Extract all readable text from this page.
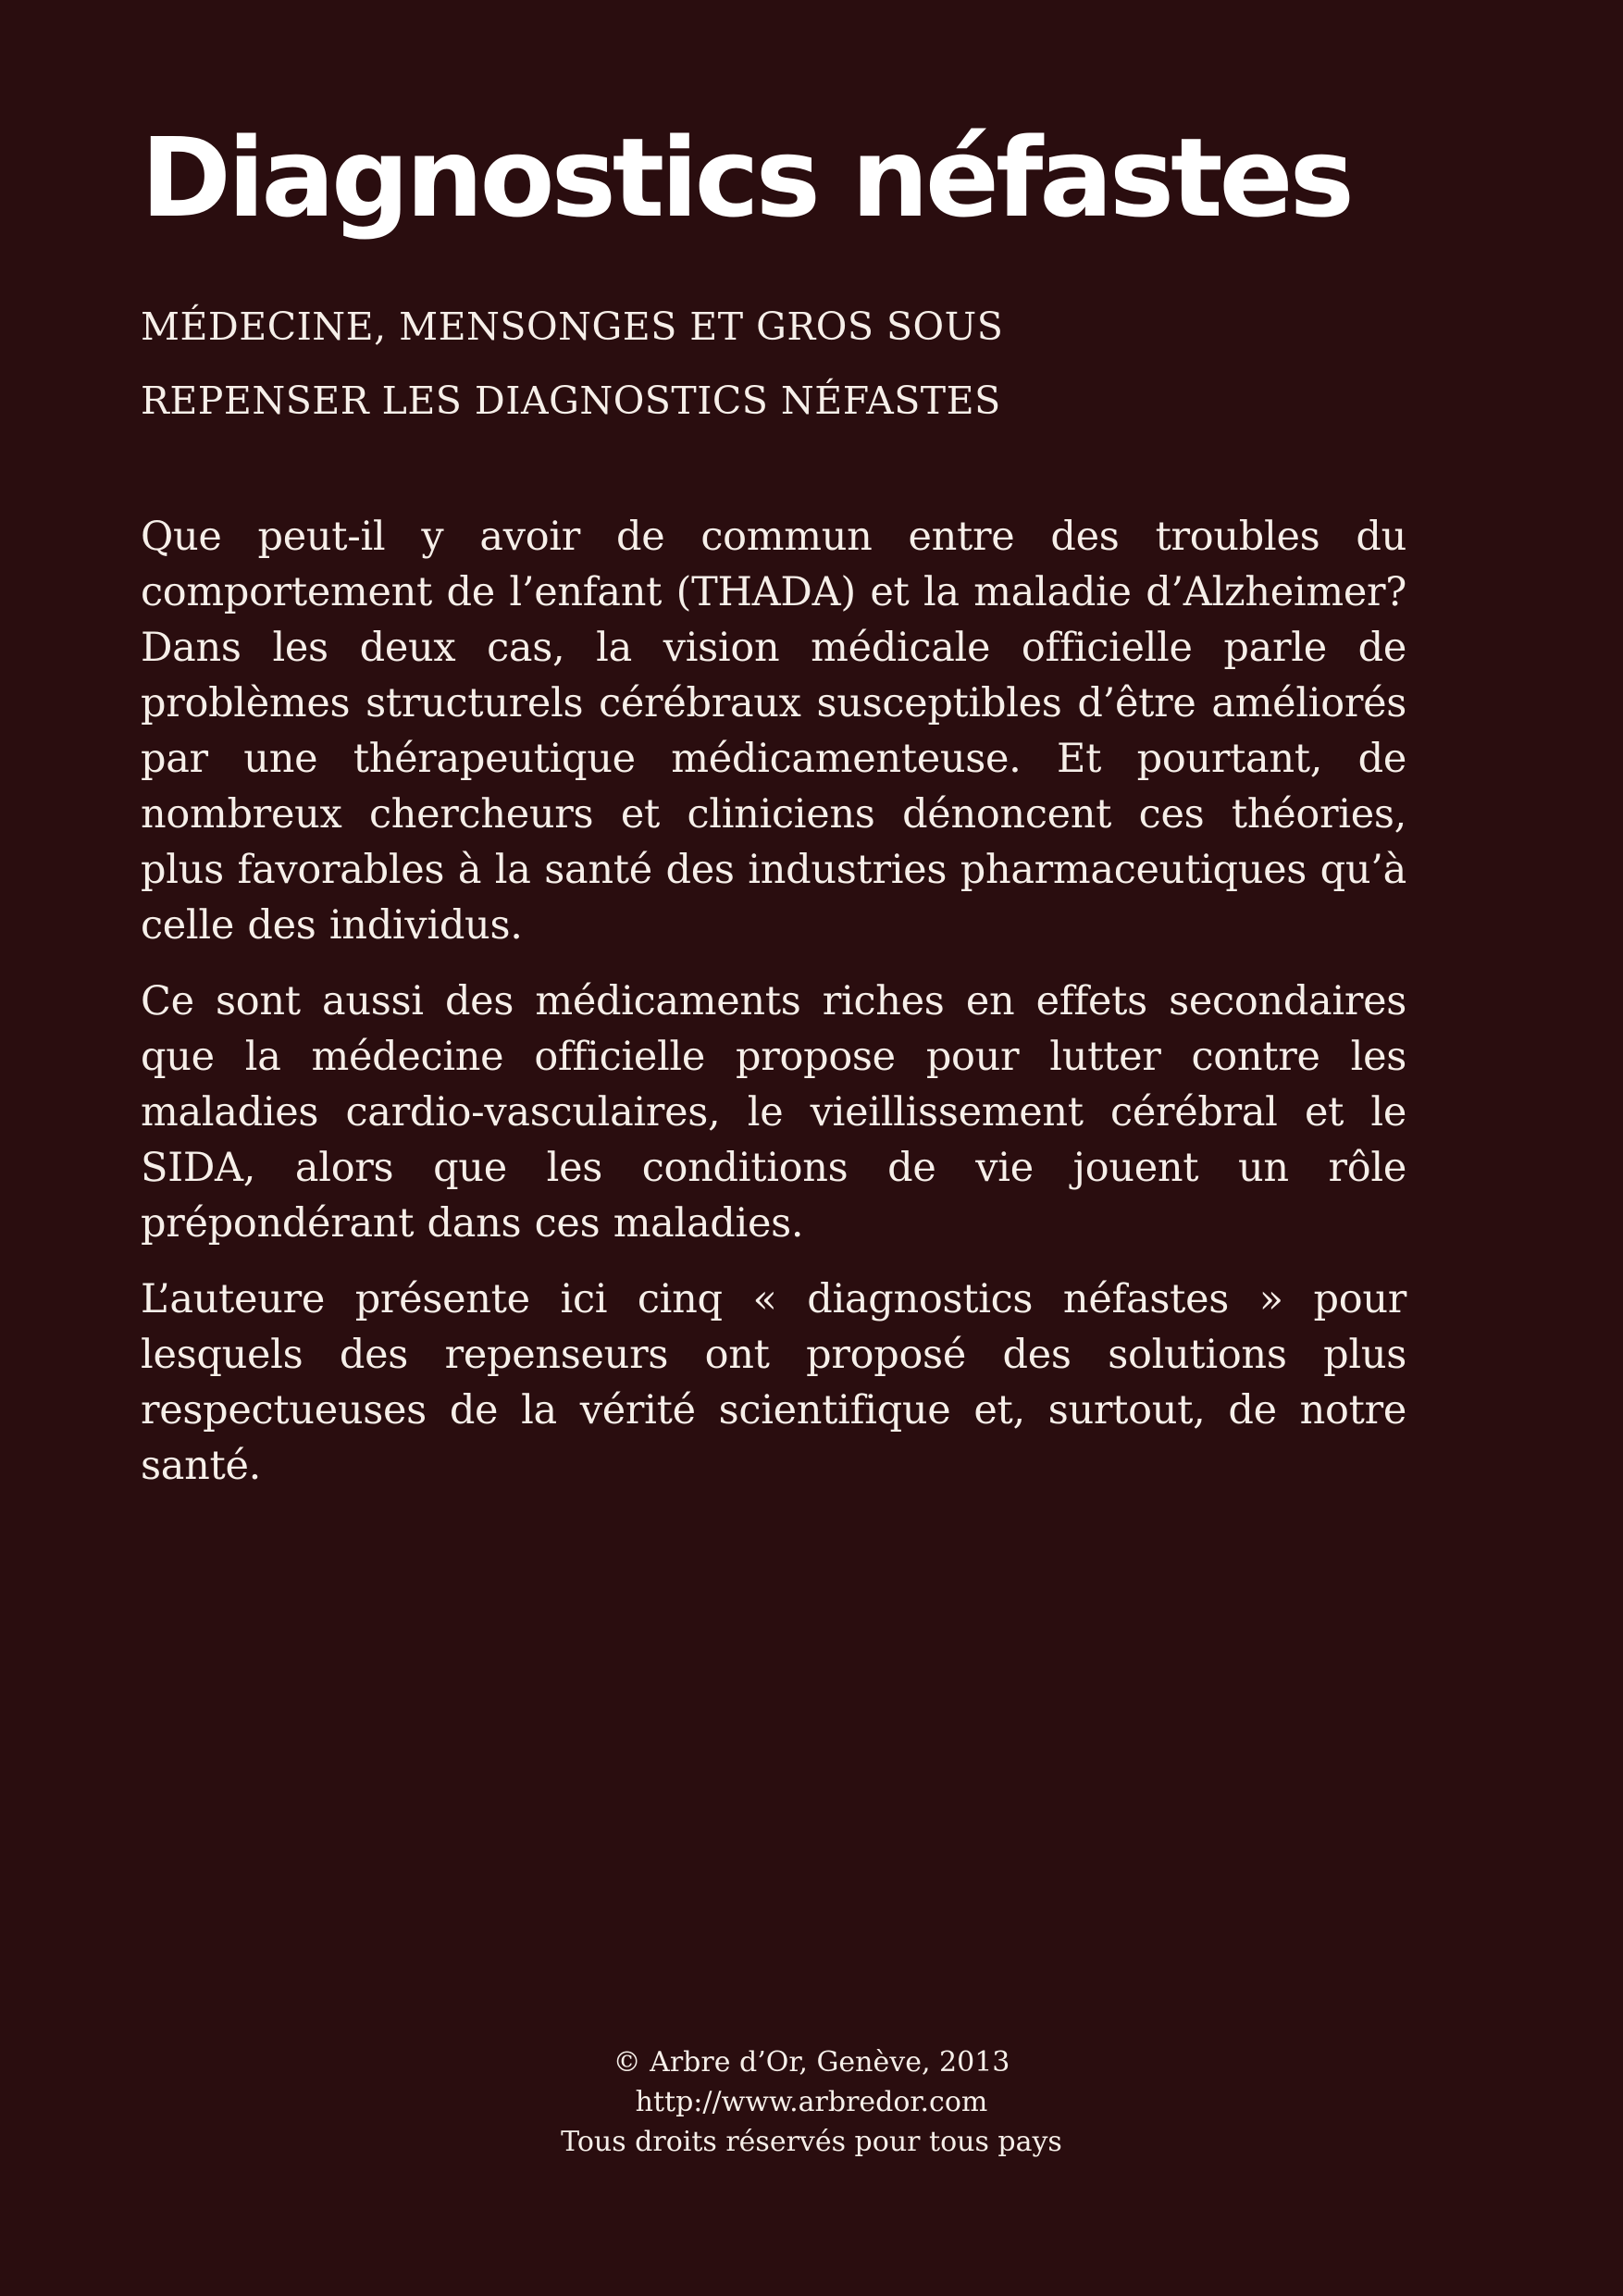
Diagnostics néfastes
MÉDECINE, MENSONGES ET GROS SOUS
REPENSER LES DIAGNOSTICS NÉFASTES

Que peut-il y avoir de commun entre des troubles du comportement de l’enfant (THADA) et la maladie d’Alzheimer? Dans les deux cas, la vision médicale officielle parle de problèmes structurels cérébraux susceptibles d’être améliorés par une thérapeutique médicamenteuse. Et pourtant, de nombreux chercheurs et cliniciens dénoncent ces théories, plus favorables à la santé des industries pharmaceutiques qu’à celle des individus.

Ce sont aussi des médicaments riches en effets secondaires que la médecine officielle propose pour lutter contre les maladies cardio-vasculaires, le vieillissement cérébral et le SIDA, alors que les conditions de vie jouent un rôle prépondérant dans ces maladies.

L’auteure présente ici cinq « diagnostics néfastes » pour lesquels des repenseurs ont proposé des solutions plus respectueuses de la vérité scientifique et, surtout, de notre santé.

© Arbre d’Or, Genève, 2013
http://www.arbredor.com
Tous droits réservés pour tous pays
